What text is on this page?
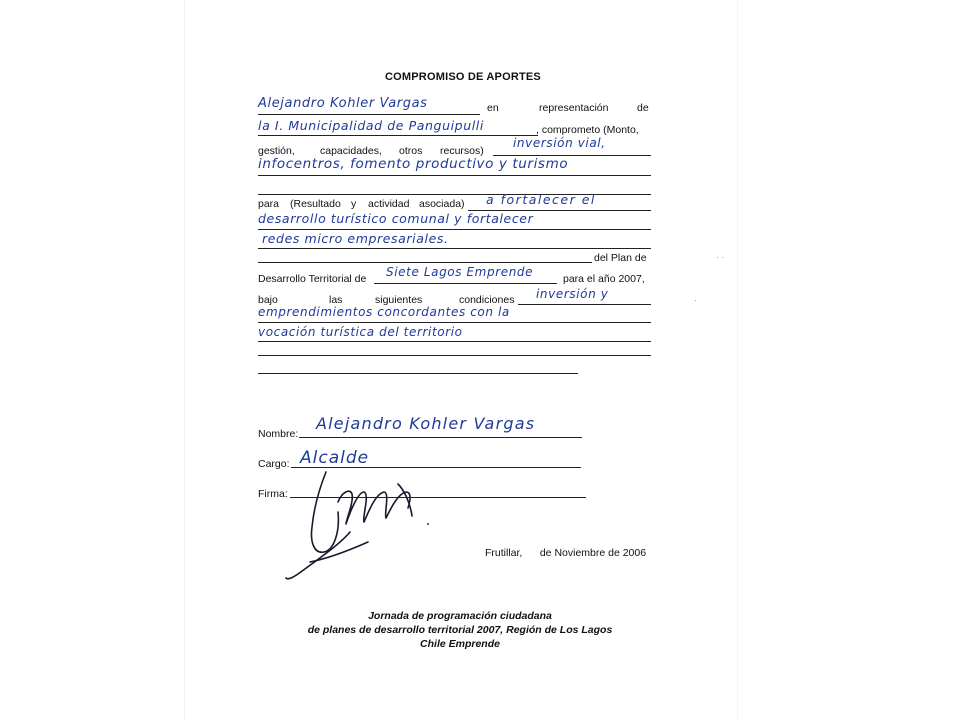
COMPROMISO DE APORTES
Alejandro Kohler Vargas	en	representación	de
la I. Municipalidad de Panguipulli	, comprometo (Monto,
gestión, capacidades, otros recursos)
inversión vial,
infocentros, fomento productivo y turismo
para (Resultado y actividad asociada) a fortalecer el
desarrollo turístico comunal y fortalecer
redes micro empresariales.
del Plan de
Desarrollo Territorial de Siete Lagos Emprende	para el año 2007,
bajo	las	siguientes	condiciones inversión y
emprendimientos concordantes con la
vocación turística del territorio
Nombre:
Alejandro Kohler Vargas
Cargo: Alcalde
Firma:
Frutillar,      de Noviembre de 2006
Jornada de programación ciudadana
de planes de desarrollo territorial 2007, Región de Los Lagos
Chile Emprende
· ·
·
